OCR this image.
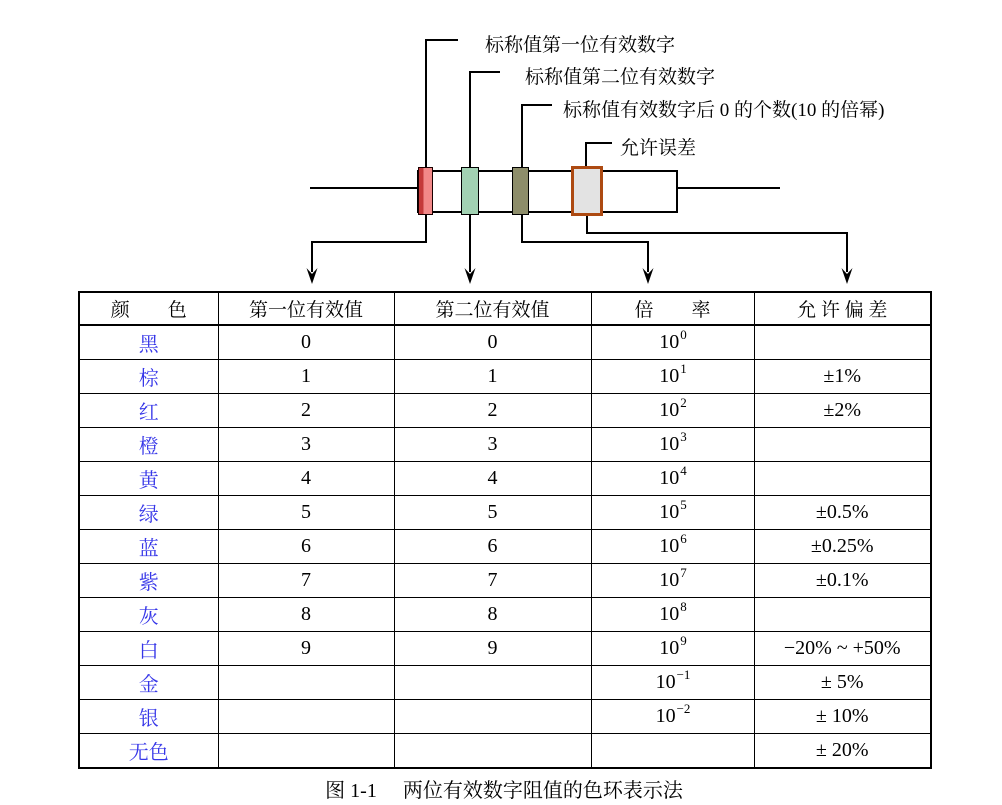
标称值第一位有效数字
标称值第二位有效数字
标称值有效数字后 0 的个数(10 的倍幂)
允许误差
颜　　色	第一位有效值	第二位有效值	倍　　率	允 许 偏 差
黑	0	0	$10^0$	
棕	1	1	$10^1$	±1%
红	2	2	$10^2$	±2%
橙	3	3	$10^3$	
黄	4	4	$10^4$	
绿	5	5	$10^5$	±0.5%
蓝	6	6	$10^6$	±0.25%
紫	7	7	$10^7$	±0.1%
灰	8	8	$10^8$	
白	9	9	$10^9$	−20% ~ +50%
金			$10^{-1}$	± 5%
银			$10^{-2}$	± 10%
无色				± 20%
图 1-1 两位有效数字阻值的色环表示法
